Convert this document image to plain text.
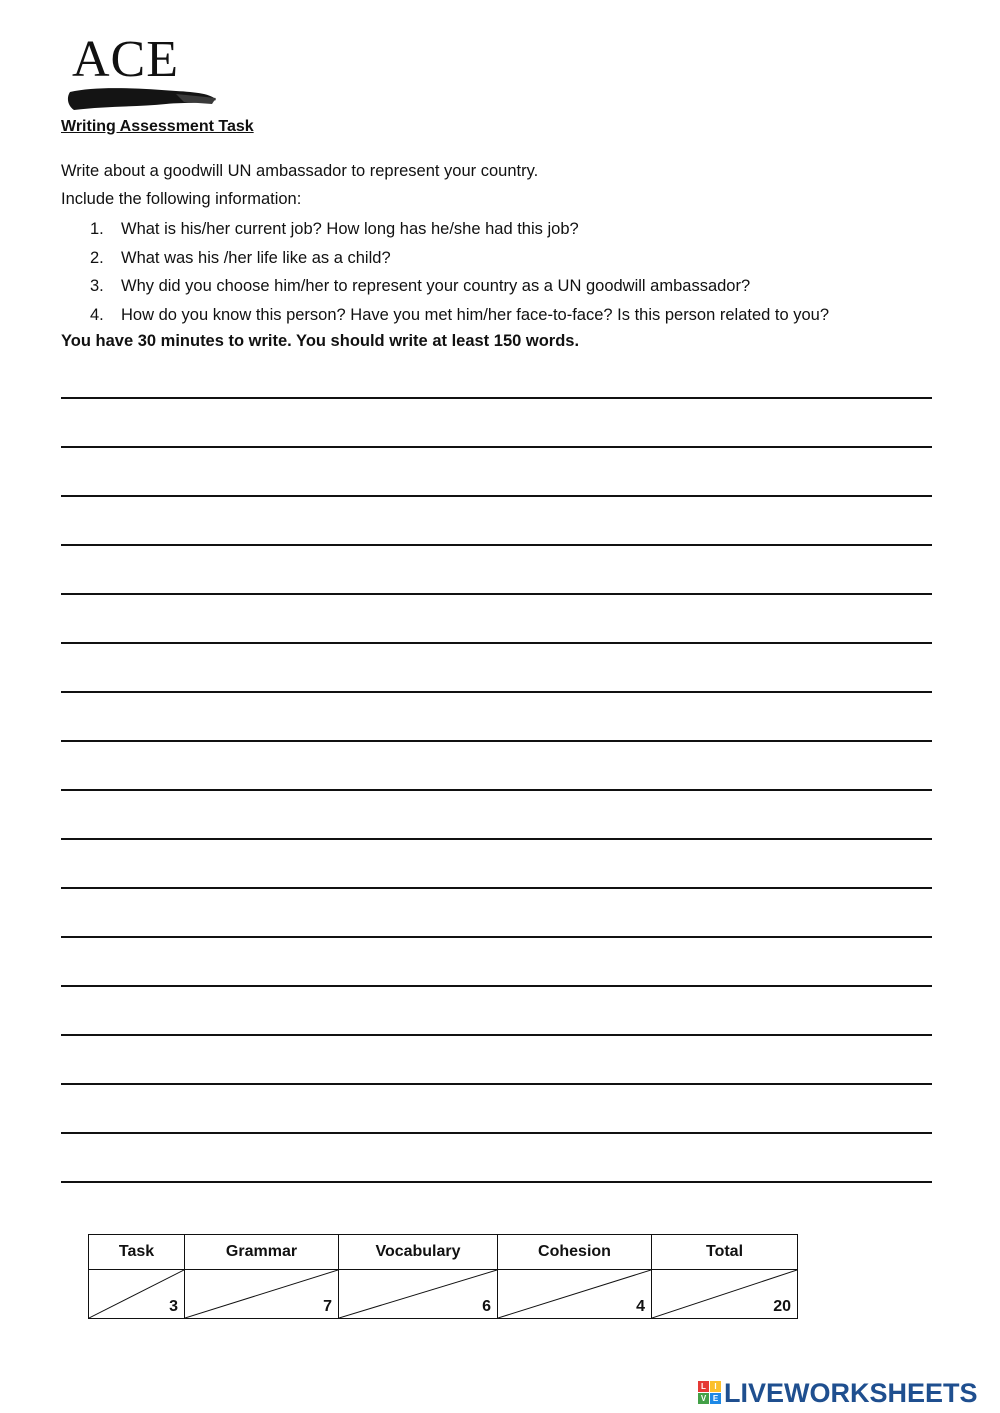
ACE
Writing Assessment Task
Write about a goodwill UN ambassador to represent your country.
Include the following information:
1. What is his/her current job? How long has he/she had this job?
2. What was his /her life like as a child?
3. Why did you choose him/her to represent your country as a UN goodwill ambassador?
4. How do you know this person? Have you met him/her face-to-face? Is this person related to you?
You have 30 minutes to write. You should write at least 150 words.
Task	Grammar	Vocabulary	Cohesion	Total

3	7	6	4	20
L	I
V E LIVEWORKSHEETS
